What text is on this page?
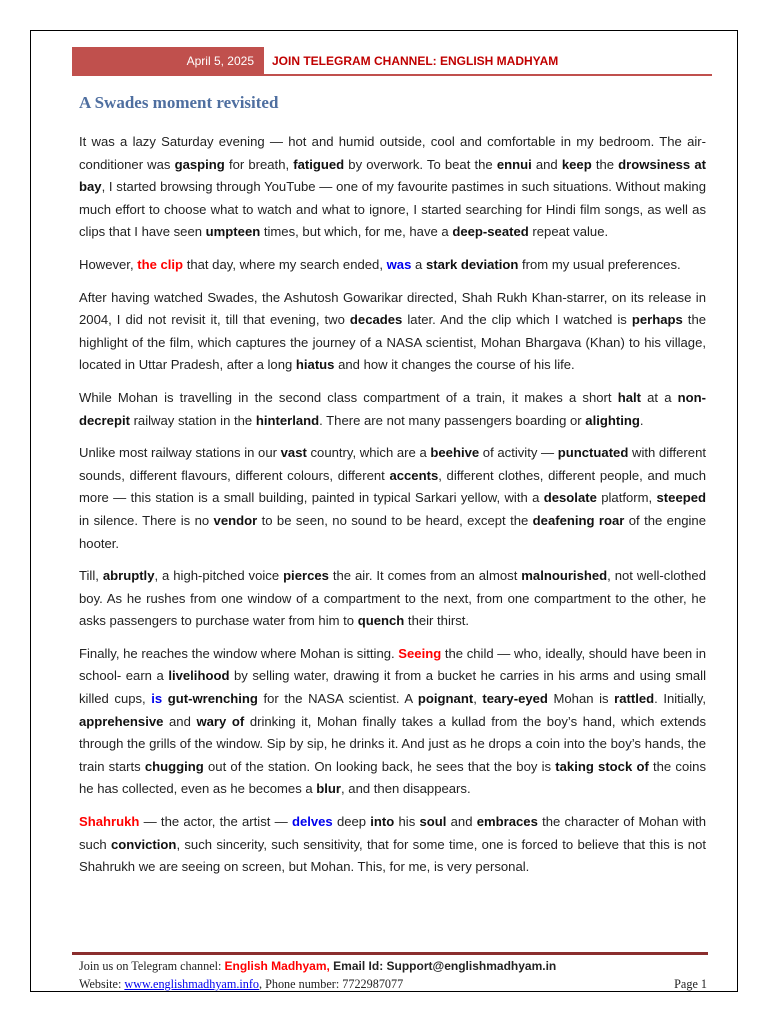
April 5, 2025	JOIN TELEGRAM CHANNEL: ENGLISH MADHYAM
A Swades moment revisited

It was a lazy Saturday evening — hot and humid outside, cool and comfortable in my bedroom. The air-conditioner was gasping for breath, fatigued by overwork. To beat the ennui and keep the drowsiness at bay, I started browsing through YouTube — one of my favourite pastimes in such situations. Without making much effort to choose what to watch and what to ignore, I started searching for Hindi film songs, as well as clips that I have seen umpteen times, but which, for me, have a deep-seated repeat value.

However, the clip that day, where my search ended, was a stark deviation from my usual preferences.

After having watched Swades, the Ashutosh Gowarikar directed, Shah Rukh Khan-starrer, on its release in 2004, I did not revisit it, till that evening, two decades later. And the clip which I watched is perhaps the highlight of the film, which captures the journey of a NASA scientist, Mohan Bhargava (Khan) to his village, located in Uttar Pradesh, after a long hiatus and how it changes the course of his life.

While Mohan is travelling in the second class compartment of a train, it makes a short halt at a non-decrepit railway station in the hinterland. There are not many passengers boarding or alighting.

Unlike most railway stations in our vast country, which are a beehive of activity — punctuated with different sounds, different flavours, different colours, different accents, different clothes, different people, and much more — this station is a small building, painted in typical Sarkari yellow, with a desolate platform, steeped in silence. There is no vendor to be seen, no sound to be heard, except the deafening roar of the engine hooter.

Till, abruptly, a high-pitched voice pierces the air. It comes from an almost malnourished, not well-clothed boy. As he rushes from one window of a compartment to the next, from one compartment to the other, he asks passengers to purchase water from him to quench their thirst.

Finally, he reaches the window where Mohan is sitting. Seeing the child — who, ideally, should have been in school- earn a livelihood by selling water, drawing it from a bucket he carries in his arms and using small killed cups, is gut-wrenching for the NASA scientist. A poignant, teary-eyed Mohan is rattled. Initially, apprehensive and wary of drinking it, Mohan finally takes a kullad from the boy’s hand, which extends through the grills of the window. Sip by sip, he drinks it. And just as he drops a coin into the boy’s hands, the train starts chugging out of the station. On looking back, he sees that the boy is taking stock of the coins he has collected, even as he becomes a blur, and then disappears.

Shahrukh — the actor, the artist — delves deep into his soul and embraces the character of Mohan with such conviction, such sincerity, such sensitivity, that for some time, one is forced to believe that this is not Shahrukh we are seeing on screen, but Mohan. This, for me, is very personal.

Join us on Telegram channel: English Madhyam, Email Id: Support@englishmadhyam.in
Website: www.englishmadhyam.info, Phone number: 7722987077	Page 1
